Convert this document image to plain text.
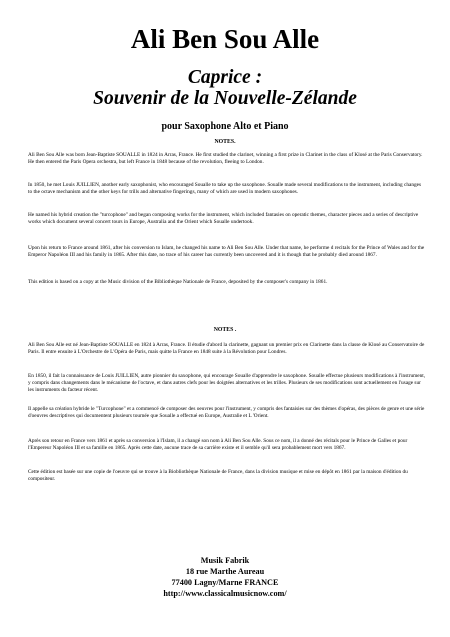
Ali Ben Sou Alle
Caprice :
Souvenir de la Nouvelle-Zélande
pour Saxophone Alto et Piano
NOTES.

Ali Ben Sou Alle was born Jean-Baptiste SOUALLE in 1824 in Arras, France. He first studied the clarinet, winning a first prize in Clarinet in the class of Klosé at the Paris Conservatory. He then entered the Paris Opera orchestra, but left France in 1848 because of the revolution, fleeing to London.

In 1850, he met Louis JUILLIEN, another early saxophonist, who encouraged Soualle to take up the saxophone. Soualle made several modifications to the instrument, including changes to the octave mechanism and the other keys for trills and alternative fingerings, many of which are used in modern saxophones.

He named his hybrid creation the "turcophone" and began composing works for the instrument, which included fantasies on operatic themes, character pieces and a series of descriptive works which document several concert tours in Europe, Australia and the Orient which Soualle undertook.

Upon his return to France around 1861, after his conversion to Islam, he changed his name to Ali Ben Sou Alle. Under that name, he performe d recitals for the Prince of Wales and for the Emperor Napoléon III and his family in 1865. After this date, no trace of his career has currently been uncovered and it is though that he probably died around 1867.

This edition is based on a copy at the Music division of the Bibliothèque Nationale de France, deposited by the composer's company in 1861.

NOTES .

Ali Ben Sou Alle est né Jean-Baptiste SOUALLE en 1824 à Arras, France. Il étudie d'abord la clarinette, gagnant un premier prix en Clarinette dans la classe de Klosé au Conservatoire de Paris. Il entre ensuite à L'Orchestre de L'Opéra de Paris, mais quitte la France en 1848 suite à la Révolution pour Londres.

En 1850, il fait la connaissance de Louis JUILLIEN, autre pionnier du saxophone, qui encourage Soualle d'apprendre le saxophone. Soualle effectue plusieurs modifications à l'instrument, y compris dans changements dans le mécanisme de l'octave, et dans autres clefs pour les doigtées alternatives et les trilles. Plusieurs de ses modifications sont actuellement en l'usage sur les instruments du facteur récent.

Il appelle sa création hybride le "Turcophone" et a commencé de composer des oeuvres pour l'instrument, y compris des fantaisies sur des thèmes d'opéras, des pièces de genre et une série d'oeuvres descriptives qui documentent plusieurs tournée que Soualle a effectué en Europe, Australie et L 'Orient.

Après son retour en France vers 1861 et après sa conversion à l'Islam, il a changé son nom à Ali Ben Sou Alle. Sous ce nom, il a donné des récitals pour le Prince de Galles et pour l'Empereur Napoléon III et sa famille en 1865. Après cette date, aucune trace de sa carrière existe et il semble qu'il sera probablement mort vers 1867.

Cette édition est basée sur une copie de l'oeuvre qui se trouve à la Biobliothèque Nationale de France, dans la division musique et mise en dépôt en 1861 par la maison d'édition du compositeur.

Musik Fabrik
18 rue Marthe Aureau
77400 Lagny/Marne FRANCE
http://www.classicalmusicnow.com/
